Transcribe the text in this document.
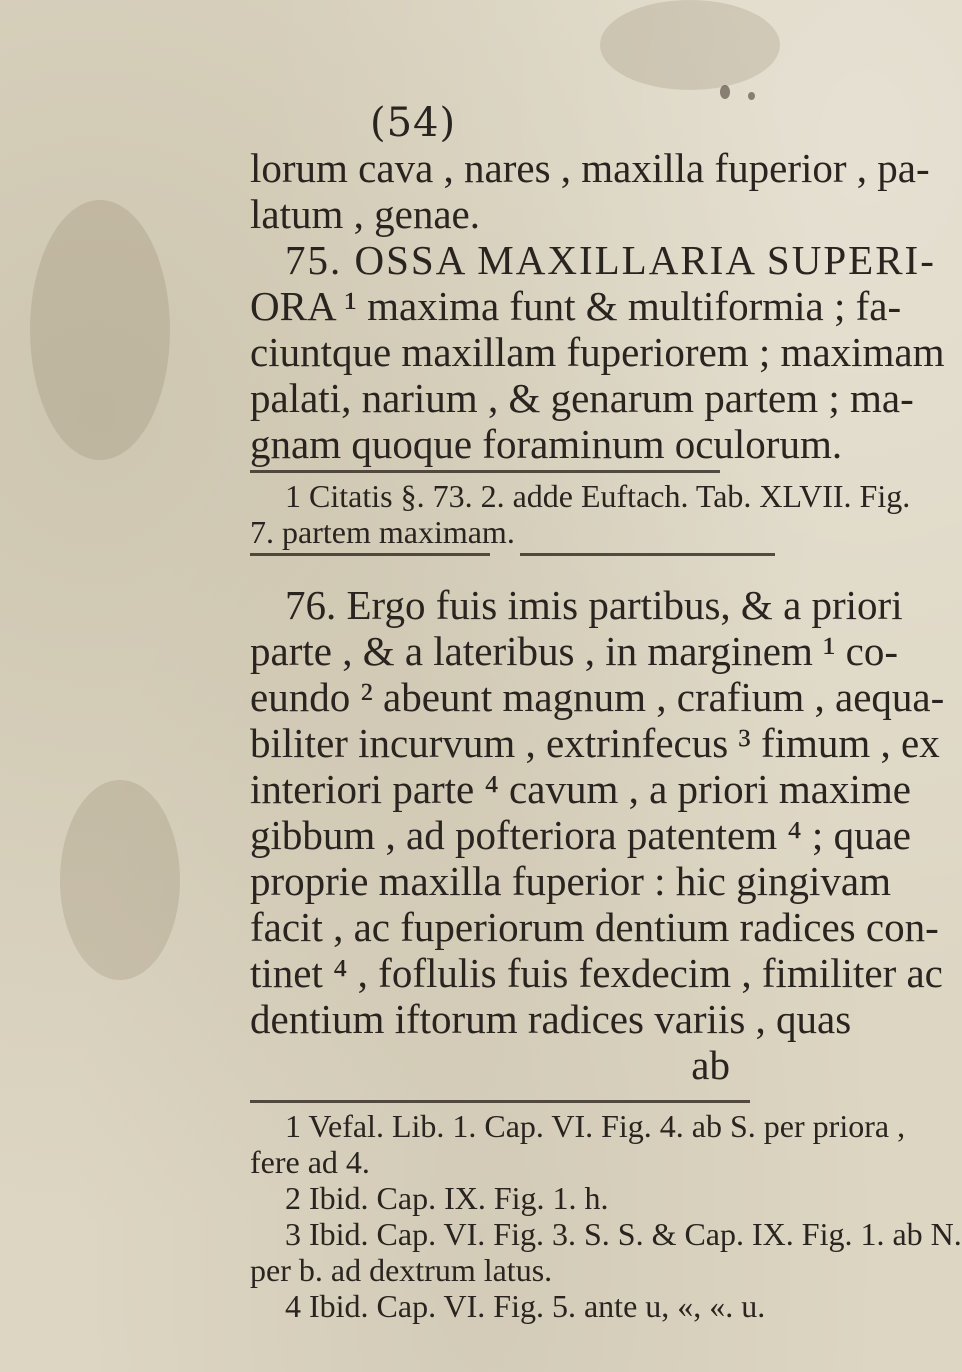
(54)
lorum cava , nares , maxilla fuperior , pa-
latum , genae.
75. OSSA MAXILLARIA SUPERI-
ORA ¹ maxima funt & multiformia ; fa-
ciuntque maxillam fuperiorem ; maximam
palati, narium , & genarum partem ; ma-
gnam quoque foraminum oculorum.
1 Citatis §. 73. 2. adde Euftach. Tab. XLVII. Fig.
7. partem maximam.
76. Ergo fuis imis partibus, & a priori
parte , & a lateribus , in marginem ¹ co-
eundo ² abeunt magnum , crafium , aequa-
biliter incurvum , extrinfecus ³ fimum , ex
interiori parte ⁴ cavum , a priori maxime
gibbum , ad pofteriora patentem ⁴ ; quae
proprie maxilla fuperior : hic gingivam
facit , ac fuperiorum dentium radices con-
tinet ⁴ , foflulis fuis fexdecim , fimiliter ac
dentium iftorum radices variis , quas
ab
1 Vefal. Lib. 1. Cap. VI. Fig. 4. ab S. per priora ,
fere ad 4.
2 Ibid. Cap. IX. Fig. 1. h.
3 Ibid. Cap. VI. Fig. 3. S. S. & Cap. IX. Fig. 1. ab N.
per b. ad dextrum latus.
4 Ibid. Cap. VI. Fig. 5. ante u, «, «. u.
